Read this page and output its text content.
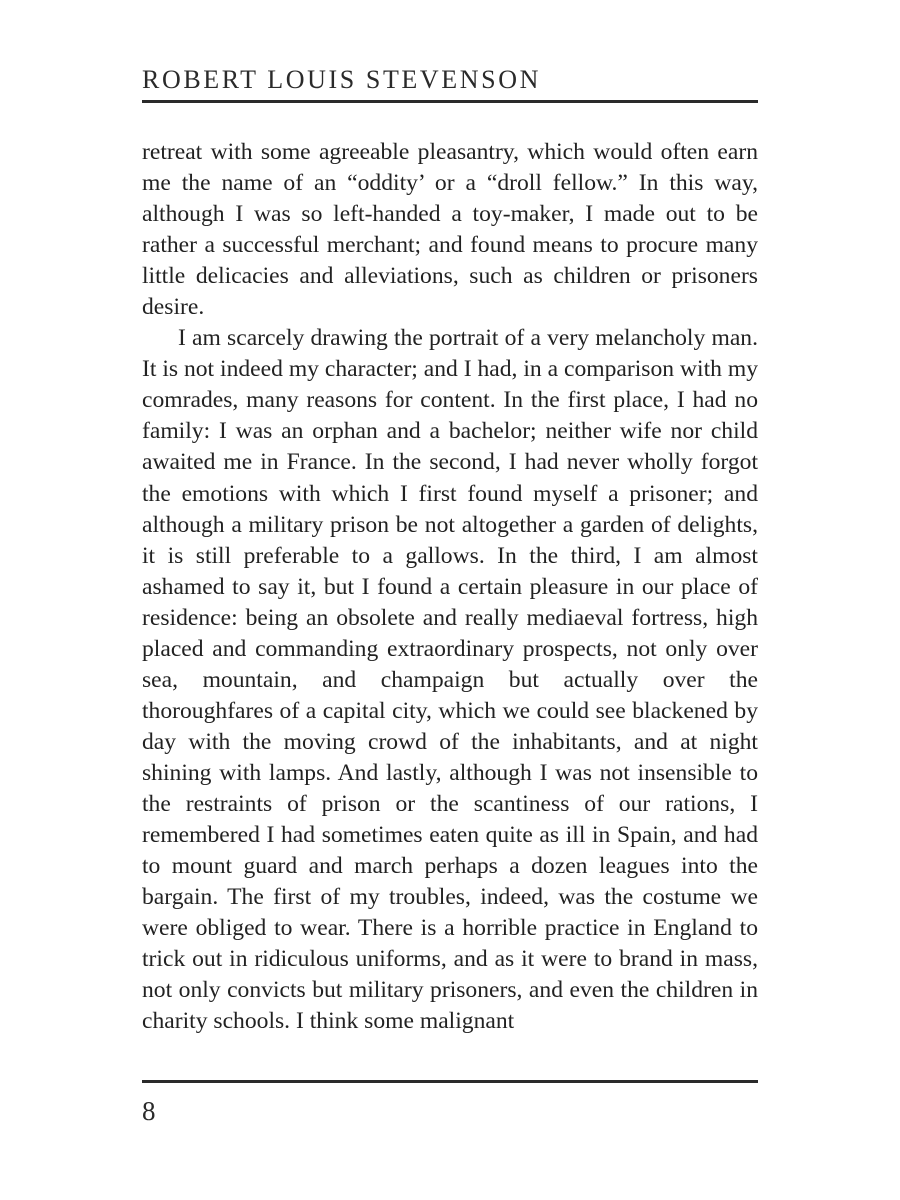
ROBERT LOUIS STEVENSON

retreat with some agreeable pleasantry, which would often earn me the name of an “oddity’ or a “droll fellow.” In this way, although I was so left-handed a toy-maker, I made out to be rather a successful merchant; and found means to procure many little delicacies and alleviations, such as children or prisoners desire.

I am scarcely drawing the portrait of a very melancholy man. It is not indeed my character; and I had, in a comparison with my comrades, many reasons for content. In the first place, I had no family: I was an orphan and a bachelor; neither wife nor child awaited me in France. In the second, I had never wholly forgot the emotions with which I first found myself a prisoner; and although a military prison be not altogether a garden of delights, it is still preferable to a gallows. In the third, I am almost ashamed to say it, but I found a certain pleasure in our place of residence: being an obsolete and really mediaeval fortress, high placed and commanding extraordinary prospects, not only over sea, mountain, and champaign but actually over the thoroughfares of a capital city, which we could see blackened by day with the moving crowd of the inhabitants, and at night shining with lamps. And lastly, although I was not insensible to the restraints of prison or the scantiness of our rations, I remembered I had sometimes eaten quite as ill in Spain, and had to mount guard and march perhaps a dozen leagues into the bargain. The first of my troubles, indeed, was the costume we were obliged to wear. There is a horrible practice in England to trick out in ridiculous uniforms, and as it were to brand in mass, not only convicts but military prisoners, and even the children in charity schools. I think some malignant

8
